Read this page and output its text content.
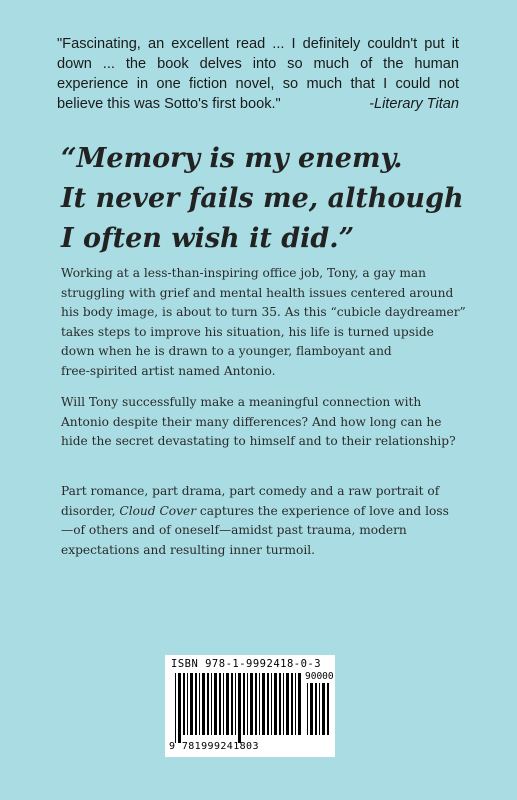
"Fascinating, an excellent read ... I definitely couldn't put it down ... the book delves into so much of the human experience in one fiction novel, so much that I could not believe this was Sotto's first book."	-Literary Titan
“Memory is my enemy.
It never fails me, although
I often wish it did.”
Working at a less-than-inspiring office job, Tony, a gay man
struggling with grief and mental health issues centered around
his body image, is about to turn 35. As this “cubicle daydreamer”
takes steps to improve his situation, his life is turned upside
down when he is drawn to a younger, flamboyant and
free-spirited artist named Antonio.
Will Tony successfully make a meaningful connection with
Antonio despite their many differences? And how long can he
hide the secret devastating to himself and to their relationship?
Part romance, part drama, part comedy and a raw portrait of
disorder, Cloud Cover captures the experience of love and loss
—of others and of oneself—amidst past trauma, modern
expectations and resulting inner turmoil.
ISBN 978-1-9992418-0-3
90000
9 781999241803
